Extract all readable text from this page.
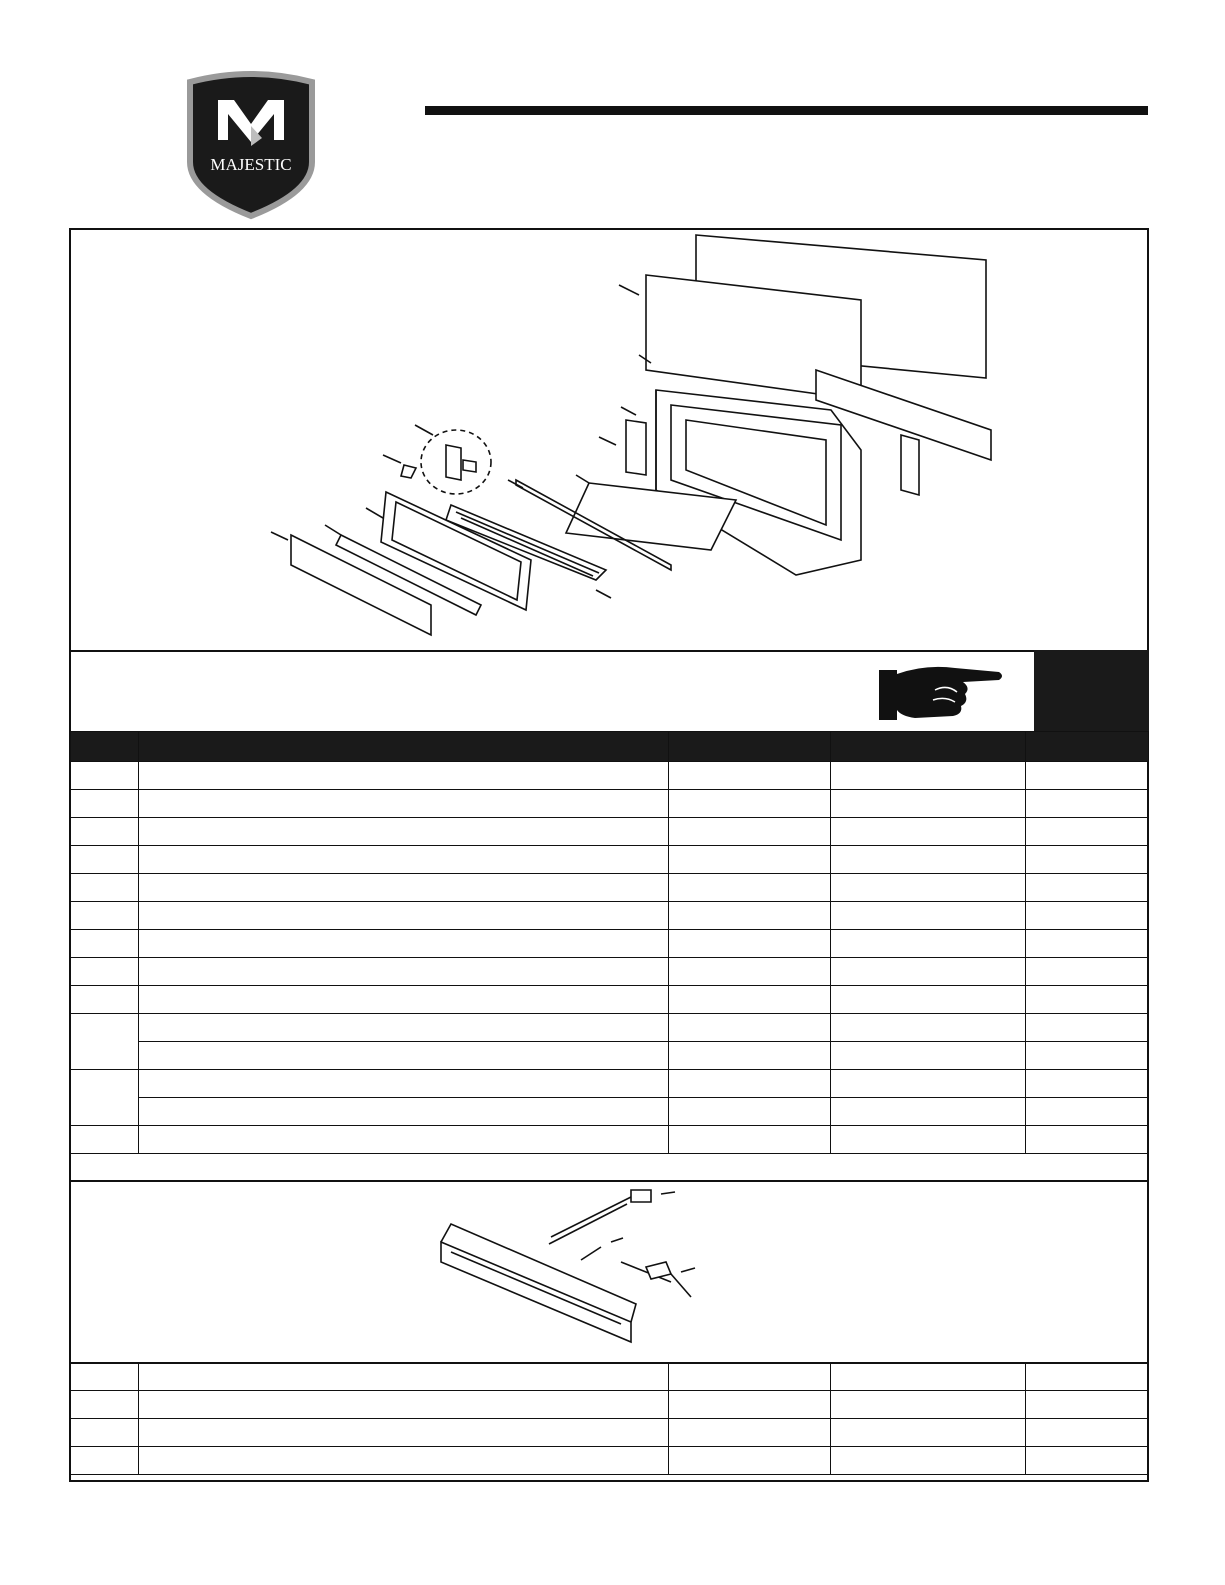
MAJESTIC
